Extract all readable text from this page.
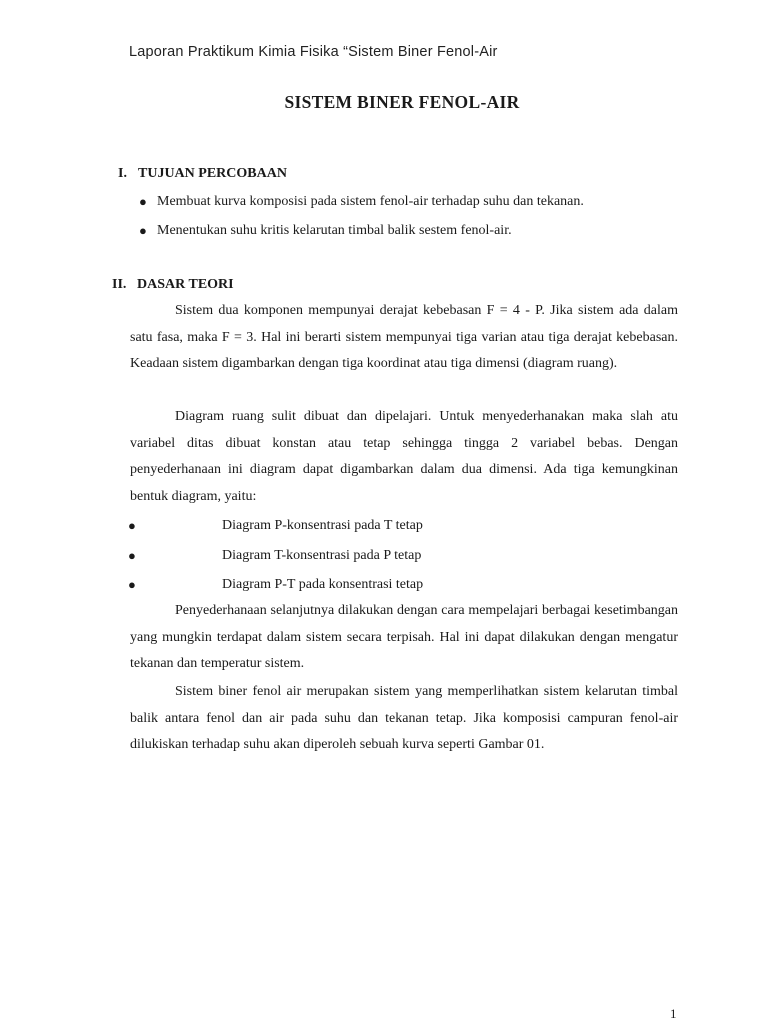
Laporan Praktikum Kimia Fisika “Sistem Biner Fenol-Air
SISTEM BINER FENOL-AIR
I. TUJUAN PERCOBAAN
● Membuat kurva komposisi pada sistem fenol-air terhadap suhu dan tekanan.
● Menentukan suhu kritis kelarutan timbal balik sestem fenol-air.
II. DASAR TEORI
Sistem dua komponen mempunyai derajat kebebasan F = 4 - P. Jika sistem ada dalam satu fasa, maka F = 3. Hal ini berarti sistem mempunyai tiga varian atau tiga derajat kebebasan. Keadaan sistem digambarkan dengan tiga koordinat atau tiga dimensi (diagram ruang).
Diagram ruang sulit dibuat dan dipelajari. Untuk menyederhanakan maka slah atu variabel ditas dibuat konstan atau tetap sehingga tingga 2 variabel bebas. Dengan penyederhanaan ini diagram dapat digambarkan dalam dua dimensi. Ada tiga kemungkinan bentuk diagram, yaitu:
●	Diagram P-konsentrasi pada T tetap
●	Diagram T-konsentrasi pada P tetap
●	Diagram P-T pada konsentrasi tetap
Penyederhanaan selanjutnya dilakukan dengan cara mempelajari berbagai kesetimbangan yang mungkin terdapat dalam sistem secara terpisah. Hal ini dapat dilakukan dengan mengatur tekanan dan temperatur sistem.
Sistem biner fenol air merupakan sistem yang memperlihatkan sistem kelarutan timbal balik antara fenol dan air pada suhu dan tekanan tetap. Jika komposisi campuran fenol-air dilukiskan terhadap suhu akan diperoleh sebuah kurva seperti Gambar 01.
1
